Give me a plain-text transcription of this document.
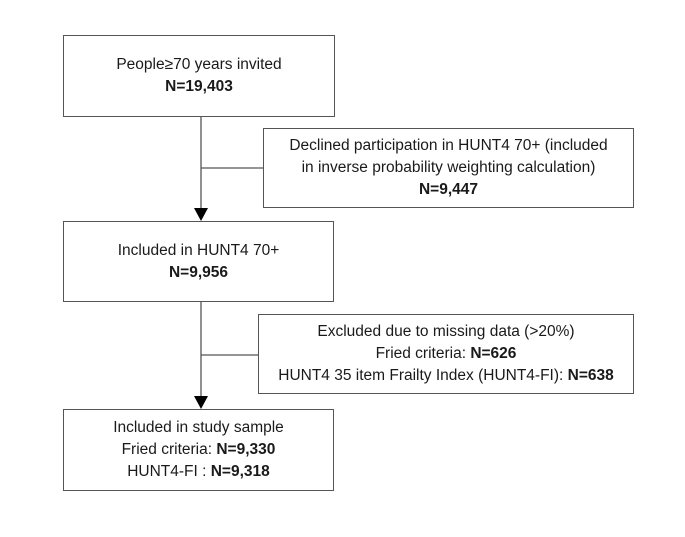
People≥70 years invited
N=19,403
Declined participation in HUNT4 70+ (included
in inverse probability weighting calculation)
N=9,447
Included in HUNT4 70+
N=9,956
Excluded due to missing data (>20%)
Fried criteria: N=626
HUNT4 35 item Frailty Index (HUNT4-FI): N=638
Included in study sample
Fried criteria: N=9,330
HUNT4-FI : N=9,318
